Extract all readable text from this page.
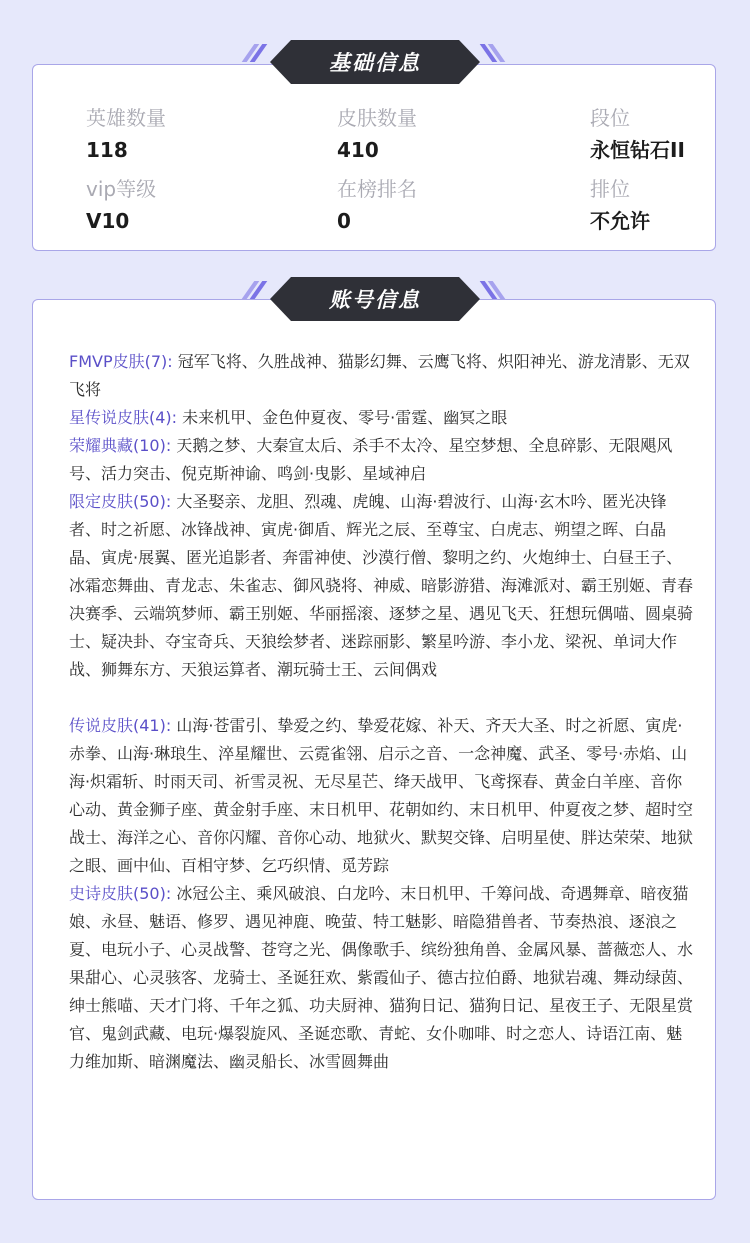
基础信息
英雄数量
118
皮肤数量
410
段位
永恒钻石II
vip等级
V10
在榜排名
0
排位
不允许
账号信息

FMVP皮肤(7): 冠军飞将、久胜战神、猫影幻舞、云鹰飞将、炽阳神光、游龙清影、无双飞将

星传说皮肤(4): 未来机甲、金色仲夏夜、零号·雷霆、幽冥之眼

荣耀典藏(10): 天鹅之梦、大秦宣太后、杀手不太冷、星空梦想、全息碎影、无限飓风号、活力突击、倪克斯神谕、鸣剑·曳影、星域神启

限定皮肤(50): 大圣娶亲、龙胆、烈魂、虎魄、山海·碧波行、山海·玄木吟、匿光决锋者、时之祈愿、冰锋战神、寅虎·御盾、辉光之辰、至尊宝、白虎志、朔望之晖、白晶晶、寅虎·展翼、匿光追影者、奔雷神使、沙漠行僧、黎明之约、火炮绅士、白昼王子、冰霜恋舞曲、青龙志、朱雀志、御风骁将、神威、暗影游猎、海滩派对、霸王别姬、青春决赛季、云端筑梦师、霸王别姬、华丽摇滚、逐梦之星、遇见飞天、狂想玩偶喵、圆桌骑士、疑决卦、夺宝奇兵、天狼绘梦者、迷踪丽影、繁星吟游、李小龙、梁祝、单词大作战、狮舞东方、天狼运算者、潮玩骑士王、云间偶戏

传说皮肤(41): 山海·苍雷引、挚爱之约、挚爱花嫁、补天、齐天大圣、时之祈愿、寅虎·赤拳、山海·琳琅生、淬星耀世、云霓雀翎、启示之音、一念神魔、武圣、零号·赤焰、山海·炽霜斩、时雨天司、祈雪灵祝、无尽星芒、绛天战甲、飞鸢探春、黄金白羊座、音你心动、黄金狮子座、黄金射手座、末日机甲、花朝如约、末日机甲、仲夏夜之梦、超时空战士、海洋之心、音你闪耀、音你心动、地狱火、默契交锋、启明星使、胖达荣荣、地狱之眼、画中仙、百相守梦、乞巧织情、觅芳踪

史诗皮肤(50): 冰冠公主、乘风破浪、白龙吟、末日机甲、千筹问战、奇遇舞章、暗夜猫娘、永昼、魅语、修罗、遇见神鹿、晚萤、特工魅影、暗隐猎兽者、节奏热浪、逐浪之夏、电玩小子、心灵战警、苍穹之光、偶像歌手、缤纷独角兽、金属风暴、蔷薇恋人、水果甜心、心灵骇客、龙骑士、圣诞狂欢、紫霞仙子、德古拉伯爵、地狱岩魂、舞动绿茵、绅士熊喵、天才门将、千年之狐、功夫厨神、猫狗日记、猫狗日记、星夜王子、无限星赏官、鬼剑武藏、电玩·爆裂旋风、圣诞恋歌、青蛇、女仆咖啡、时之恋人、诗语江南、魅力维加斯、暗渊魔法、幽灵船长、冰雪圆舞曲
